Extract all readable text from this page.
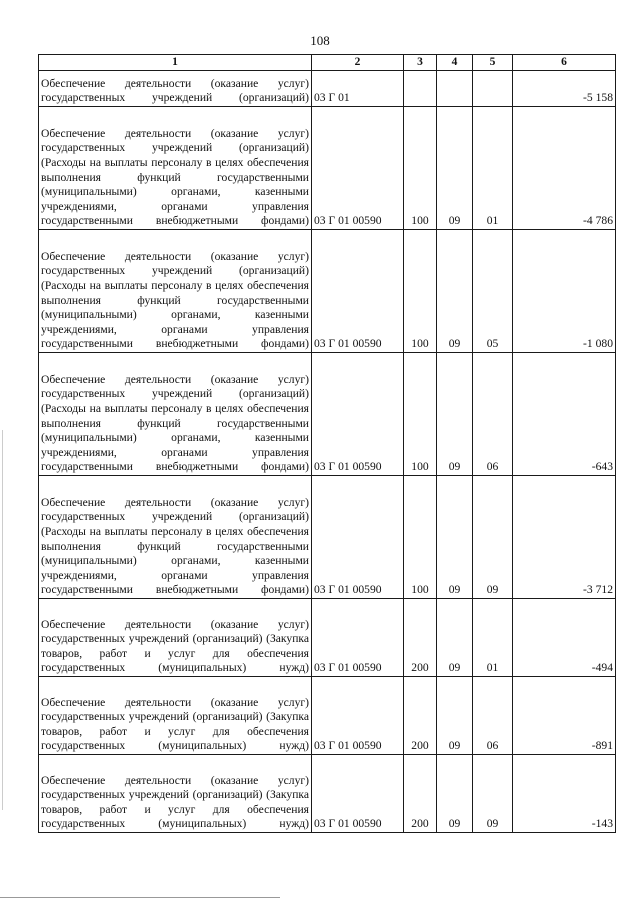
108
1	2	3	4	5	6
Обеспечение деятельности (оказание услуг) государственных учреждений (организаций)	03 Г 01				-5 158
Обеспечение деятельности (оказание услуг) государственных учреждений (организаций) (Расходы на выплаты персоналу в целях обеспечения выполнения функций государственными (муниципальными) органами, казенными учреждениями, органами управления государственными внебюджетными фондами)	03 Г 01 00590	100	09	01	-4 786
Обеспечение деятельности (оказание услуг) государственных учреждений (организаций) (Расходы на выплаты персоналу в целях обеспечения выполнения функций государственными (муниципальными) органами, казенными учреждениями, органами управления государственными внебюджетными фондами)	03 Г 01 00590	100	09	05	-1 080
Обеспечение деятельности (оказание услуг) государственных учреждений (организаций) (Расходы на выплаты персоналу в целях обеспечения выполнения функций государственными (муниципальными) органами, казенными учреждениями, органами управления государственными внебюджетными фондами)	03 Г 01 00590	100	09	06	-643
Обеспечение деятельности (оказание услуг) государственных учреждений (организаций) (Расходы на выплаты персоналу в целях обеспечения выполнения функций государственными (муниципальными) органами, казенными учреждениями, органами управления государственными внебюджетными фондами)	03 Г 01 00590	100	09	09	-3 712
Обеспечение деятельности (оказание услуг) государственных учреждений (организаций) (Закупка товаров, работ и услуг для обеспечения государственных (муниципальных) нужд)	03 Г 01 00590	200	09	01	-494
Обеспечение деятельности (оказание услуг) государственных учреждений (организаций) (Закупка товаров, работ и услуг для обеспечения государственных (муниципальных) нужд)	03 Г 01 00590	200	09	06	-891
Обеспечение деятельности (оказание услуг) государственных учреждений (организаций) (Закупка товаров, работ и услуг для обеспечения государственных (муниципальных) нужд)	03 Г 01 00590	200	09	09	-143
